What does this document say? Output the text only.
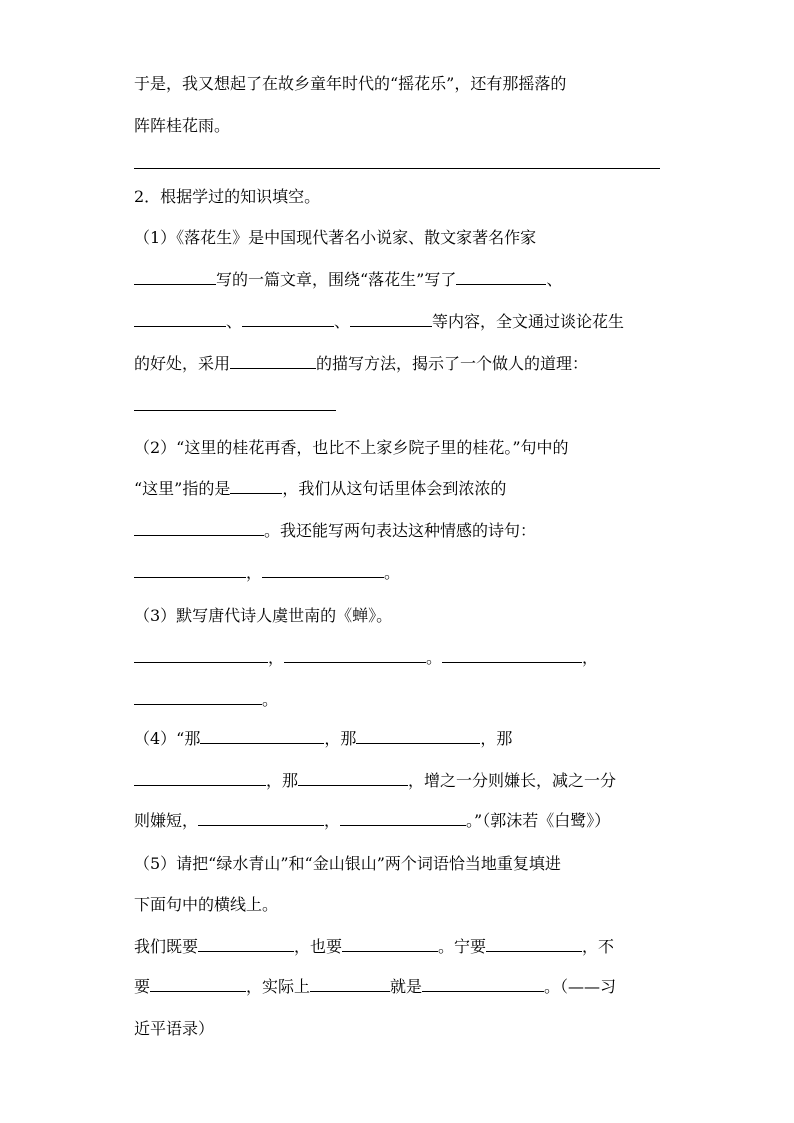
于是，我又想起了在故乡童年时代的“摇花乐”，还有那摇落的
阵阵桂花雨。
2．根据学过的知识填空。
（1）《落花生》是中国现代著名小说家、散文家著名作家
写的一篇文章，围绕“落花生”写了	、
、	、	等内容，全文通过谈论花生
的好处，采用	的描写方法，揭示了一个做人的道理：
（2）“这里的桂花再香，也比不上家乡院子里的桂花。”句中的
“这里”指的是	，我们从这句话里体会到浓浓的
。我还能写两句表达这种情感的诗句：
，	。
（3）默写唐代诗人虞世南的《蝉》。
，	。	，
。
（4）“那	，那	，那
，那	，增之一分则嫌长，减之一分
则嫌短，	，	。”（郭沫若《白鹭》）
（5）请把“绿水青山”和“金山银山”两个词语恰当地重复填进
下面句中的横线上。
我们既要	，也要	。宁要	，不
要	，实际上	就是	。（——习
近平语录）
